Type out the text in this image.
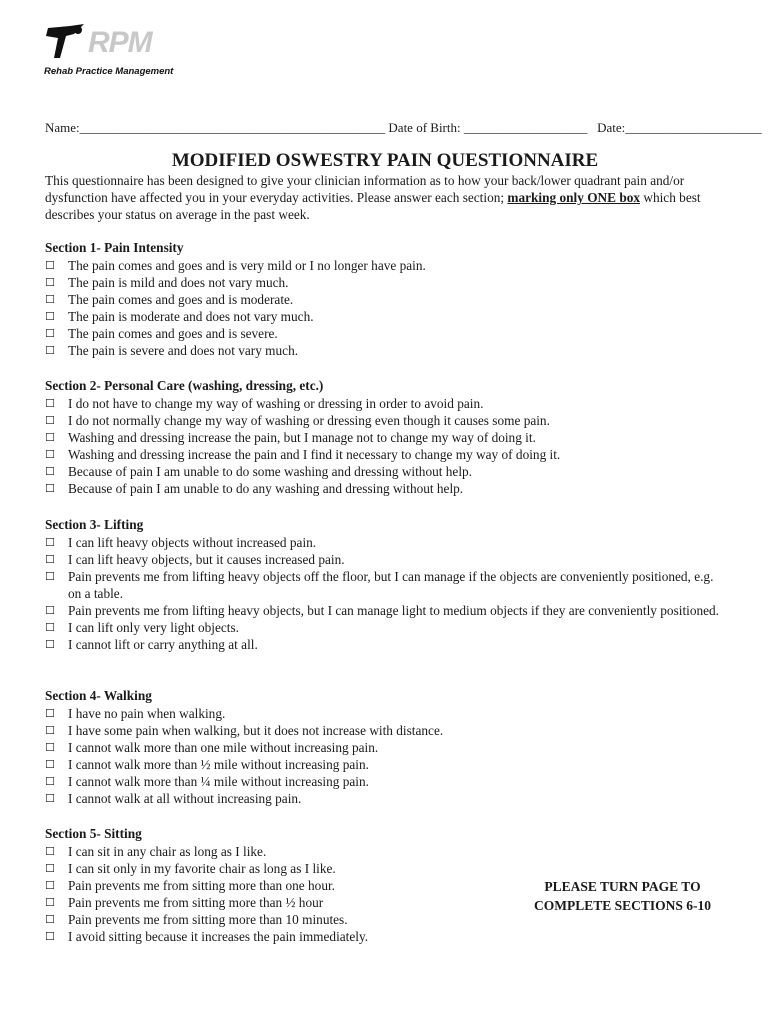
RPM
Rehab Practice Management
Name:_______________________________________________ Date of Birth: ___________________ Date:_____________________
MODIFIED OSWESTRY PAIN QUESTIONNAIRE
This questionnaire has been designed to give your clinician information as to how your back/lower quadrant pain and/or dysfunction have affected you in your everyday activities. Please answer each section; marking only ONE box which best describes your status on average in the past week.
Section 1- Pain Intensity
☐ The pain comes and goes and is very mild or I no longer have pain.
☐ The pain is mild and does not vary much.
☐ The pain comes and goes and is moderate.
☐ The pain is moderate and does not vary much.
☐ The pain comes and goes and is severe.
☐ The pain is severe and does not vary much.
Section 2- Personal Care (washing, dressing, etc.)
☐ I do not have to change my way of washing or dressing in order to avoid pain.
☐ I do not normally change my way of washing or dressing even though it causes some pain.
☐ Washing and dressing increase the pain, but I manage not to change my way of doing it.
☐ Washing and dressing increase the pain and I find it necessary to change my way of doing it.
☐ Because of pain I am unable to do some washing and dressing without help.
☐ Because of pain I am unable to do any washing and dressing without help.
Section 3- Lifting
☐ I can lift heavy objects without increased pain.
☐ I can lift heavy objects, but it causes increased pain.
☐ Pain prevents me from lifting heavy objects off the floor, but I can manage if the objects are conveniently positioned, e.g. on a table.
☐ Pain prevents me from lifting heavy objects, but I can manage light to medium objects if they are conveniently positioned.
☐ I can lift only very light objects.
☐ I cannot lift or carry anything at all.
Section 4- Walking
☐ I have no pain when walking.
☐ I have some pain when walking, but it does not increase with distance.
☐ I cannot walk more than one mile without increasing pain.
☐ I cannot walk more than ½ mile without increasing pain.
☐ I cannot walk more than ¼ mile without increasing pain.
☐ I cannot walk at all without increasing pain.
Section 5- Sitting
☐ I can sit in any chair as long as I like.
☐ I can sit only in my favorite chair as long as I like.
☐ Pain prevents me from sitting more than one hour.
☐ Pain prevents me from sitting more than ½ hour
☐ Pain prevents me from sitting more than 10 minutes.
☐ I avoid sitting because it increases the pain immediately.
PLEASE TURN PAGE TO
COMPLETE SECTIONS 6-10
